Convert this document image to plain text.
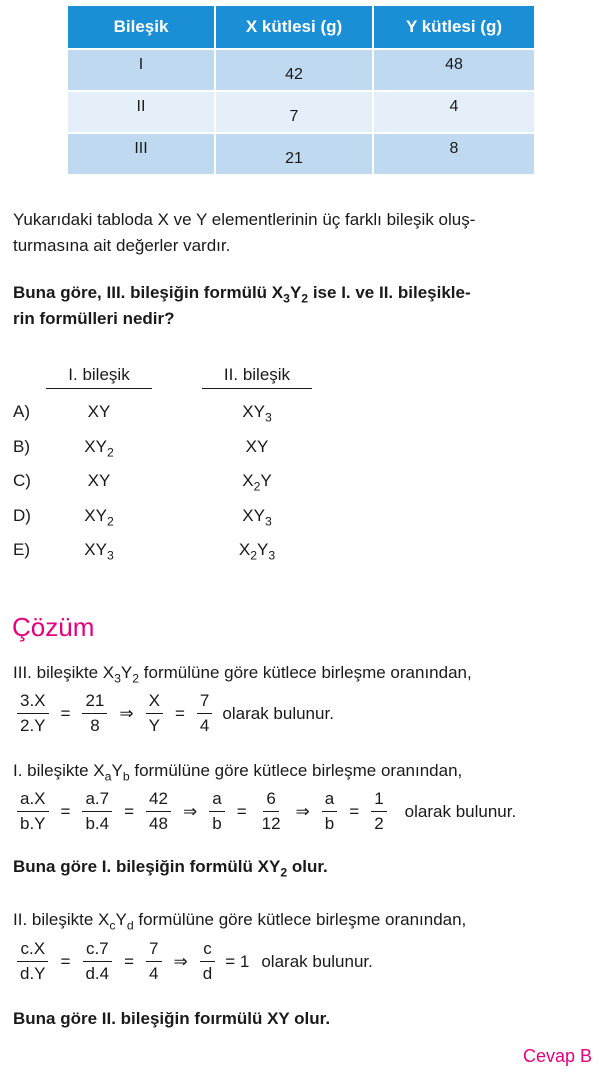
Bileşik	X kütlesi (g)	Y kütlesi (g)
I	42	48
II	7	4
III	21	8
Yukarıdaki tabloda X ve Y elementlerinin üç farklı bileşik oluş-
turmasına ait değerler vardır.
Buna göre, III. bileşiğin formülü $X_3Y_2$ ise I. ve II. bileşikle-
rin formülleri nedir?
I. bileşik	II. bileşik
A)	XY	$XY_3$
B)	$XY_2$	XY
C)	XY	$X_2Y$
D)	$XY_2$	$XY_3$
E)	$XY_3$	$X_2Y_3$
Çözüm
III. bileşikte $X_3Y_2$ formülüne göre kütlece birleşme oranından,
$\frac{3.X}{2.Y} = \frac{21}{8}$ ⇒ $\frac{X}{Y} = \frac{7}{4}$ olarak bulunur.
I. bileşikte $X_aY_b$ formülüne göre kütlece birleşme oranından,
$\frac{a.X}{b.Y} = \frac{a.7}{b.4} = \frac{42}{48}$ ⇒ $\frac{a}{b} = \frac{6}{12}$ ⇒ $\frac{a}{b} = \frac{1}{2}$ olarak bulunur.
Buna göre I. bileşiğin formülü $XY_2$ olur.
II. bileşikte $X_cY_d$ formülüne göre kütlece birleşme oranından,
$\frac{c.X}{d.Y} = \frac{c.7}{d.4} = \frac{7}{4}$ ⇒ $\frac{c}{d} = 1$ olarak bulunur.
Buna göre II. bileşiğin foırmülü XY olur.
Cevap B
